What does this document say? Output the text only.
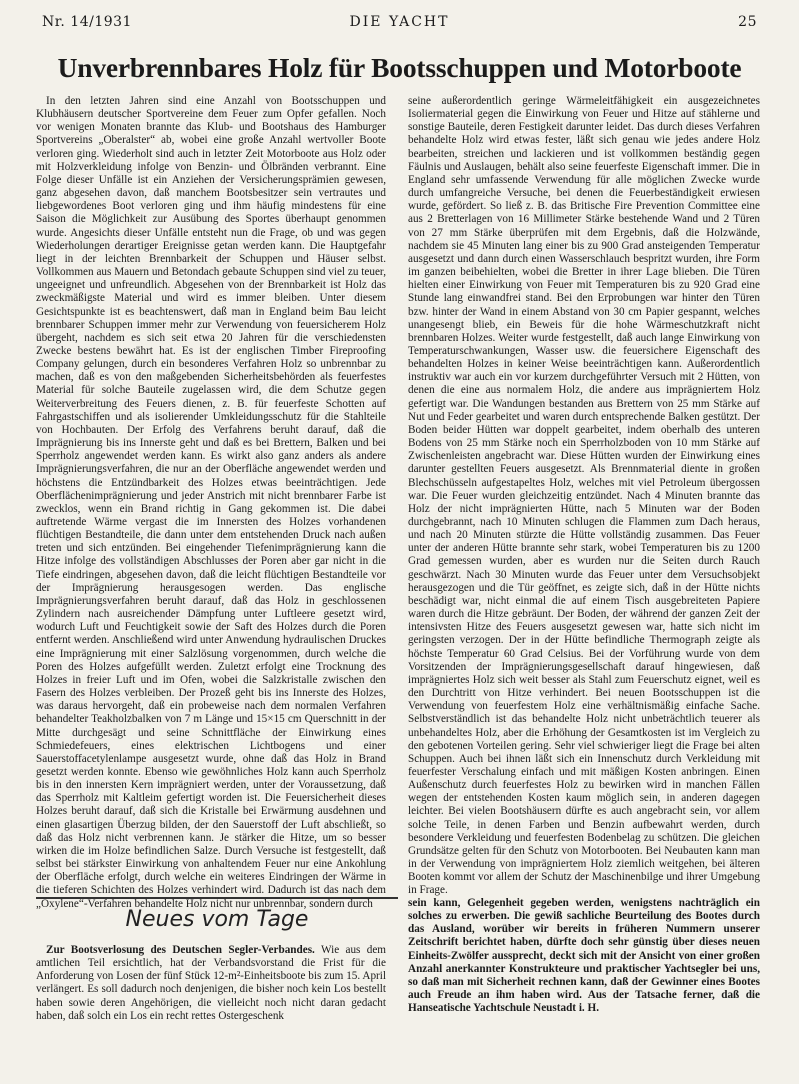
Nr. 14/1931	DIE YACHT	25
Unverbrennbares Holz für Bootsschuppen und Motorboote

In den letzten Jahren sind eine Anzahl von Bootsschuppen und Klubhäusern deutscher Sportvereine dem Feuer zum Opfer gefallen. Noch vor wenigen Monaten brannte das Klub- und Bootshaus des Hamburger Sportvereins „Oberalster“ ab, wobei eine große Anzahl wertvoller Boote verloren ging. Wiederholt sind auch in letzter Zeit Motorboote aus Holz oder mit Holzverkleidung infolge von Benzin- und Ölbränden verbrannt. Eine Folge dieser Unfälle ist ein Anziehen der Versicherungsprämien gewesen, ganz abgesehen davon, daß manchem Bootsbesitzer sein vertrautes und liebgewordenes Boot verloren ging und ihm häufig mindestens für eine Saison die Möglichkeit zur Ausübung des Sportes überhaupt genommen wurde. Angesichts dieser Unfälle entsteht nun die Frage, ob und was gegen Wiederholungen derartiger Ereignisse getan werden kann. Die Hauptgefahr liegt in der leichten Brennbarkeit der Schuppen und Häuser selbst. Vollkommen aus Mauern und Betondach gebaute Schuppen sind viel zu teuer, ungeeignet und unfreundlich. Abgesehen von der Brennbarkeit ist Holz das zweckmäßigste Material und wird es immer bleiben. Unter diesem Gesichtspunkte ist es beachtenswert, daß man in England beim Bau leicht brennbarer Schuppen immer mehr zur Verwendung von feuersicherem Holz übergeht, nachdem es sich seit etwa 20 Jahren für die verschiedensten Zwecke bestens bewährt hat. Es ist der englischen Timber Fireproofing Company gelungen, durch ein besonderes Verfahren Holz so unbrennbar zu machen, daß es von den maßgebenden Sicherheitsbehörden als feuerfestes Material für solche Bauteile zugelassen wird, die dem Schutze gegen Weiterverbreitung des Feuers dienen, z. B. für feuerfeste Schotten auf Fahrgastschiffen und als isolierender Umkleidungsschutz für die Stahlteile von Hochbauten. Der Erfolg des Verfahrens beruht darauf, daß die Imprägnierung bis ins Innerste geht und daß es bei Brettern, Balken und bei Sperrholz angewendet werden kann. Es wirkt also ganz anders als andere Imprägnierungsverfahren, die nur an der Oberfläche angewendet werden und höchstens die Entzündbarkeit des Holzes etwas beeinträchtigen. Jede Oberflächenimprägnierung und jeder Anstrich mit nicht brennbarer Farbe ist zwecklos, wenn ein Brand richtig in Gang gekommen ist. Die dabei auftretende Wärme vergast die im Innersten des Holzes vorhandenen flüchtigen Bestandteile, die dann unter dem entstehenden Druck nach außen treten und sich entzünden. Bei eingehender Tiefenimprägnierung kann die Hitze infolge des vollständigen Abschlusses der Poren aber gar nicht in die Tiefe eindringen, abgesehen davon, daß die leicht flüchtigen Bestandteile vor der Imprägnierung herausgesogen werden. Das englische Imprägnierungsverfahren beruht darauf, daß das Holz in geschlossenen Zylindern nach ausreichender Dämpfung unter Luftleere gesetzt wird, wodurch Luft und Feuchtigkeit sowie der Saft des Holzes durch die Poren entfernt werden. Anschließend wird unter Anwendung hydraulischen Druckes eine Imprägnierung mit einer Salzlösung vorgenommen, durch welche die Poren des Holzes aufgefüllt werden. Zuletzt erfolgt eine Trocknung des Holzes in freier Luft und im Ofen, wobei die Salzkristalle zwischen den Fasern des Holzes verbleiben. Der Prozeß geht bis ins Innerste des Holzes, was daraus hervorgeht, daß ein probeweise nach dem normalen Verfahren behandelter Teakholzbalken von 7 m Länge und 15×15 cm Querschnitt in der Mitte durchgesägt und seine Schnittfläche der Einwirkung eines Schmiedefeuers, eines elektrischen Lichtbogens und einer Sauerstoffacetylenlampe ausgesetzt wurde, ohne daß das Holz in Brand gesetzt werden konnte. Ebenso wie gewöhnliches Holz kann auch Sperrholz bis in den innersten Kern imprägniert werden, unter der Voraussetzung, daß das Sperrholz mit Kaltleim gefertigt worden ist. Die Feuersicherheit dieses Holzes beruht darauf, daß sich die Kristalle bei Erwärmung ausdehnen und einen glasartigen Überzug bilden, der den Sauerstoff der Luft abschließt, so daß das Holz nicht verbrennen kann. Je stärker die Hitze, um so besser wirken die im Holze befindlichen Salze. Durch Versuche ist festgestellt, daß selbst bei stärkster Einwirkung von anhaltendem Feuer nur eine Ankohlung der Oberfläche erfolgt, durch welche ein weiteres Eindringen der Wärme in die tieferen Schichten des Holzes verhindert wird. Dadurch ist das nach dem „Oxylene“-Verfahren behandelte Holz nicht nur unbrennbar, sondern durch

seine außerordentlich geringe Wärmeleitfähigkeit ein ausgezeichnetes Isoliermaterial gegen die Einwirkung von Feuer und Hitze auf stählerne und sonstige Bauteile, deren Festigkeit darunter leidet. Das durch dieses Verfahren behandelte Holz wird etwas fester, läßt sich genau wie jedes andere Holz bearbeiten, streichen und lackieren und ist vollkommen beständig gegen Fäulnis und Auslaugen, behält also seine feuerfeste Eigenschaft immer. Die in England sehr umfassende Verwendung für alle möglichen Zwecke wurde durch umfangreiche Versuche, bei denen die Feuerbeständigkeit erwiesen wurde, gefördert. So ließ z. B. das Britische Fire Prevention Committee eine aus 2 Bretterlagen von 16 Millimeter Stärke bestehende Wand und 2 Türen von 27 mm Stärke überprüfen mit dem Ergebnis, daß die Holzwände, nachdem sie 45 Minuten lang einer bis zu 900 Grad ansteigenden Temperatur ausgesetzt und dann durch einen Wasserschlauch bespritzt wurden, ihre Form im ganzen beibehielten, wobei die Bretter in ihrer Lage blieben. Die Türen hielten einer Einwirkung von Feuer mit Temperaturen bis zu 920 Grad eine Stunde lang einwandfrei stand. Bei den Erprobungen war hinter den Türen bzw. hinter der Wand in einem Abstand von 30 cm Papier gespannt, welches unangesengt blieb, ein Beweis für die hohe Wärmeschutzkraft nicht brennbaren Holzes. Weiter wurde festgestellt, daß auch lange Einwirkung von Temperaturschwankungen, Wasser usw. die feuersichere Eigenschaft des behandelten Holzes in keiner Weise beeinträchtigen kann. Außerordentlich instruktiv war auch ein vor kurzem durchgeführter Versuch mit 2 Hütten, von denen die eine aus normalem Holz, die andere aus imprägniertem Holz gefertigt war. Die Wandungen bestanden aus Brettern von 25 mm Stärke auf Nut und Feder gearbeitet und waren durch entsprechende Balken gestützt. Der Boden beider Hütten war doppelt gearbeitet, indem oberhalb des unteren Bodens von 25 mm Stärke noch ein Sperrholzboden von 10 mm Stärke auf Zwischenleisten angebracht war. Diese Hütten wurden der Einwirkung eines darunter gestellten Feuers ausgesetzt. Als Brennmaterial diente in großen Blechschüsseln aufgestapeltes Holz, welches mit viel Petroleum übergossen war. Die Feuer wurden gleichzeitig entzündet. Nach 4 Minuten brannte das Holz der nicht imprägnierten Hütte, nach 5 Minuten war der Boden durchgebrannt, nach 10 Minuten schlugen die Flammen zum Dach heraus, und nach 20 Minuten stürzte die Hütte vollständig zusammen. Das Feuer unter der anderen Hütte brannte sehr stark, wobei Temperaturen bis zu 1200 Grad gemessen wurden, aber es wurden nur die Seiten durch Rauch geschwärzt. Nach 30 Minuten wurde das Feuer unter dem Versuchsobjekt herausgezogen und die Tür geöffnet, es zeigte sich, daß in der Hütte nichts beschädigt war, nicht einmal die auf einem Tisch ausgebreiteten Papiere waren durch die Hitze gebräunt. Der Boden, der während der ganzen Zeit der intensivsten Hitze des Feuers ausgesetzt gewesen war, hatte sich nicht im geringsten verzogen. Der in der Hütte befindliche Thermograph zeigte als höchste Temperatur 60 Grad Celsius. Bei der Vorführung wurde von dem Vorsitzenden der Imprägnierungsgesellschaft darauf hingewiesen, daß imprägniertes Holz sich weit besser als Stahl zum Feuerschutz eignet, weil es den Durchtritt von Hitze verhindert. Bei neuen Bootsschuppen ist die Verwendung von feuerfestem Holz eine verhältnismäßig einfache Sache. Selbstverständlich ist das behandelte Holz nicht unbeträchtlich teuerer als unbehandeltes Holz, aber die Erhöhung der Gesamtkosten ist im Vergleich zu den gebotenen Vorteilen gering. Sehr viel schwieriger liegt die Frage bei alten Schuppen. Auch bei ihnen läßt sich ein Innenschutz durch Verkleidung mit feuerfester Verschalung einfach und mit mäßigen Kosten anbringen. Einen Außenschutz durch feuerfestes Holz zu bewirken wird in manchen Fällen wegen der entstehenden Kosten kaum möglich sein, in anderen dagegen leichter. Bei vielen Bootshäusern dürfte es auch angebracht sein, vor allem solche Teile, in denen Farben und Benzin aufbewahrt werden, durch besondere Verkleidung und feuerfesten Bodenbelag zu schützen. Die gleichen Grundsätze gelten für den Schutz von Motorbooten. Bei Neubauten kann man in der Verwendung von imprägniertem Holz ziemlich weitgehen, bei älteren Booten kommt vor allem der Schutz der Maschinenbilge und ihrer Umgebung in Frage.

Neues vom Tage

Zur Bootsverlosung des Deutschen Segler-Verbandes. Wie aus dem amtlichen Teil ersichtlich, hat der Verbandsvorstand die Frist für die Anforderung von Losen der fünf Stück 12-m²-Einheitsboote bis zum 15. April verlängert. Es soll dadurch noch denjenigen, die bisher noch kein Los bestellt haben sowie deren Angehörigen, die vielleicht noch nicht daran gedacht haben, daß solch ein Los ein recht rettes Ostergeschenk

sein kann, Gelegenheit gegeben werden, wenigstens nachträglich ein solches zu erwerben. Die gewiß sachliche Beurteilung des Bootes durch das Ausland, worüber wir bereits in früheren Nummern unserer Zeitschrift berichtet haben, dürfte doch sehr günstig über dieses neuen Einheits-Zwölfer aussprecht, deckt sich mit der Ansicht von einer großen Anzahl anerkannter Konstrukteure und praktischer Yachtsegler bei uns, so daß man mit Sicherheit rechnen kann, daß der Gewinner eines Bootes auch Freude an ihm haben wird. Aus der Tatsache ferner, daß die Hanseatische Yachtschule Neustadt i. H.
